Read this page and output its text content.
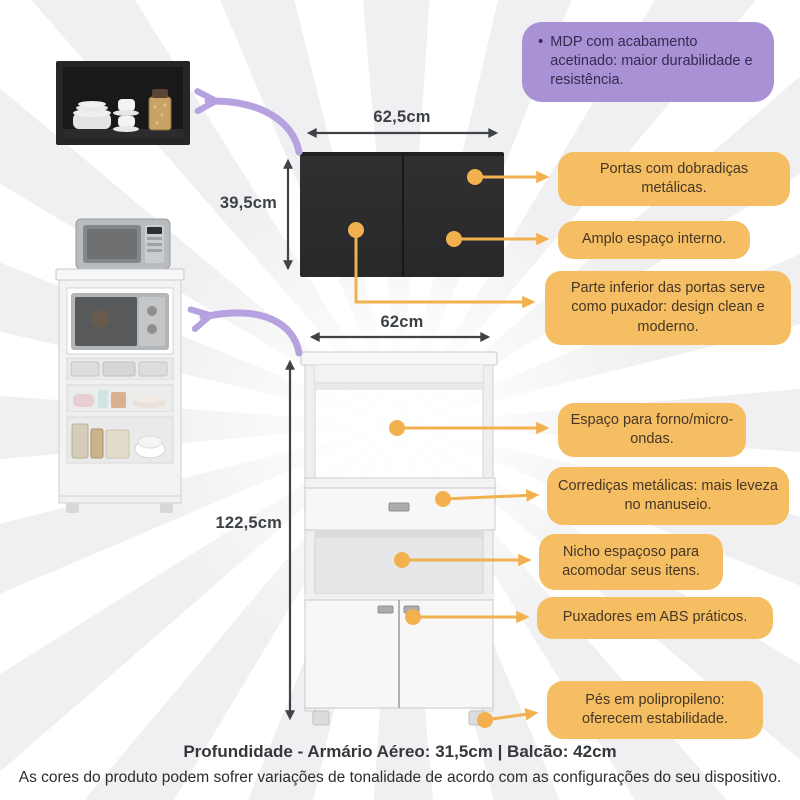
• MDP com acabamento acetinado: maior durabilidade e resistência.
62,5cm
39,5cm
62cm
122,5cm
Portas com dobradiças metálicas.
Amplo espaço interno.
Parte inferior das portas serve como puxador: design clean e moderno.
Espaço para forno/micro-ondas.
Corrediças metálicas: mais leveza no manuseio.
Nicho espaçoso para acomodar seus itens.
Puxadores em ABS práticos.
Pés em polipropileno: oferecem estabilidade.
Profundidade - Armário Aéreo: 31,5cm | Balcão: 42cm
As cores do produto podem sofrer variações de tonalidade de acordo com as configurações do seu dispositivo.
